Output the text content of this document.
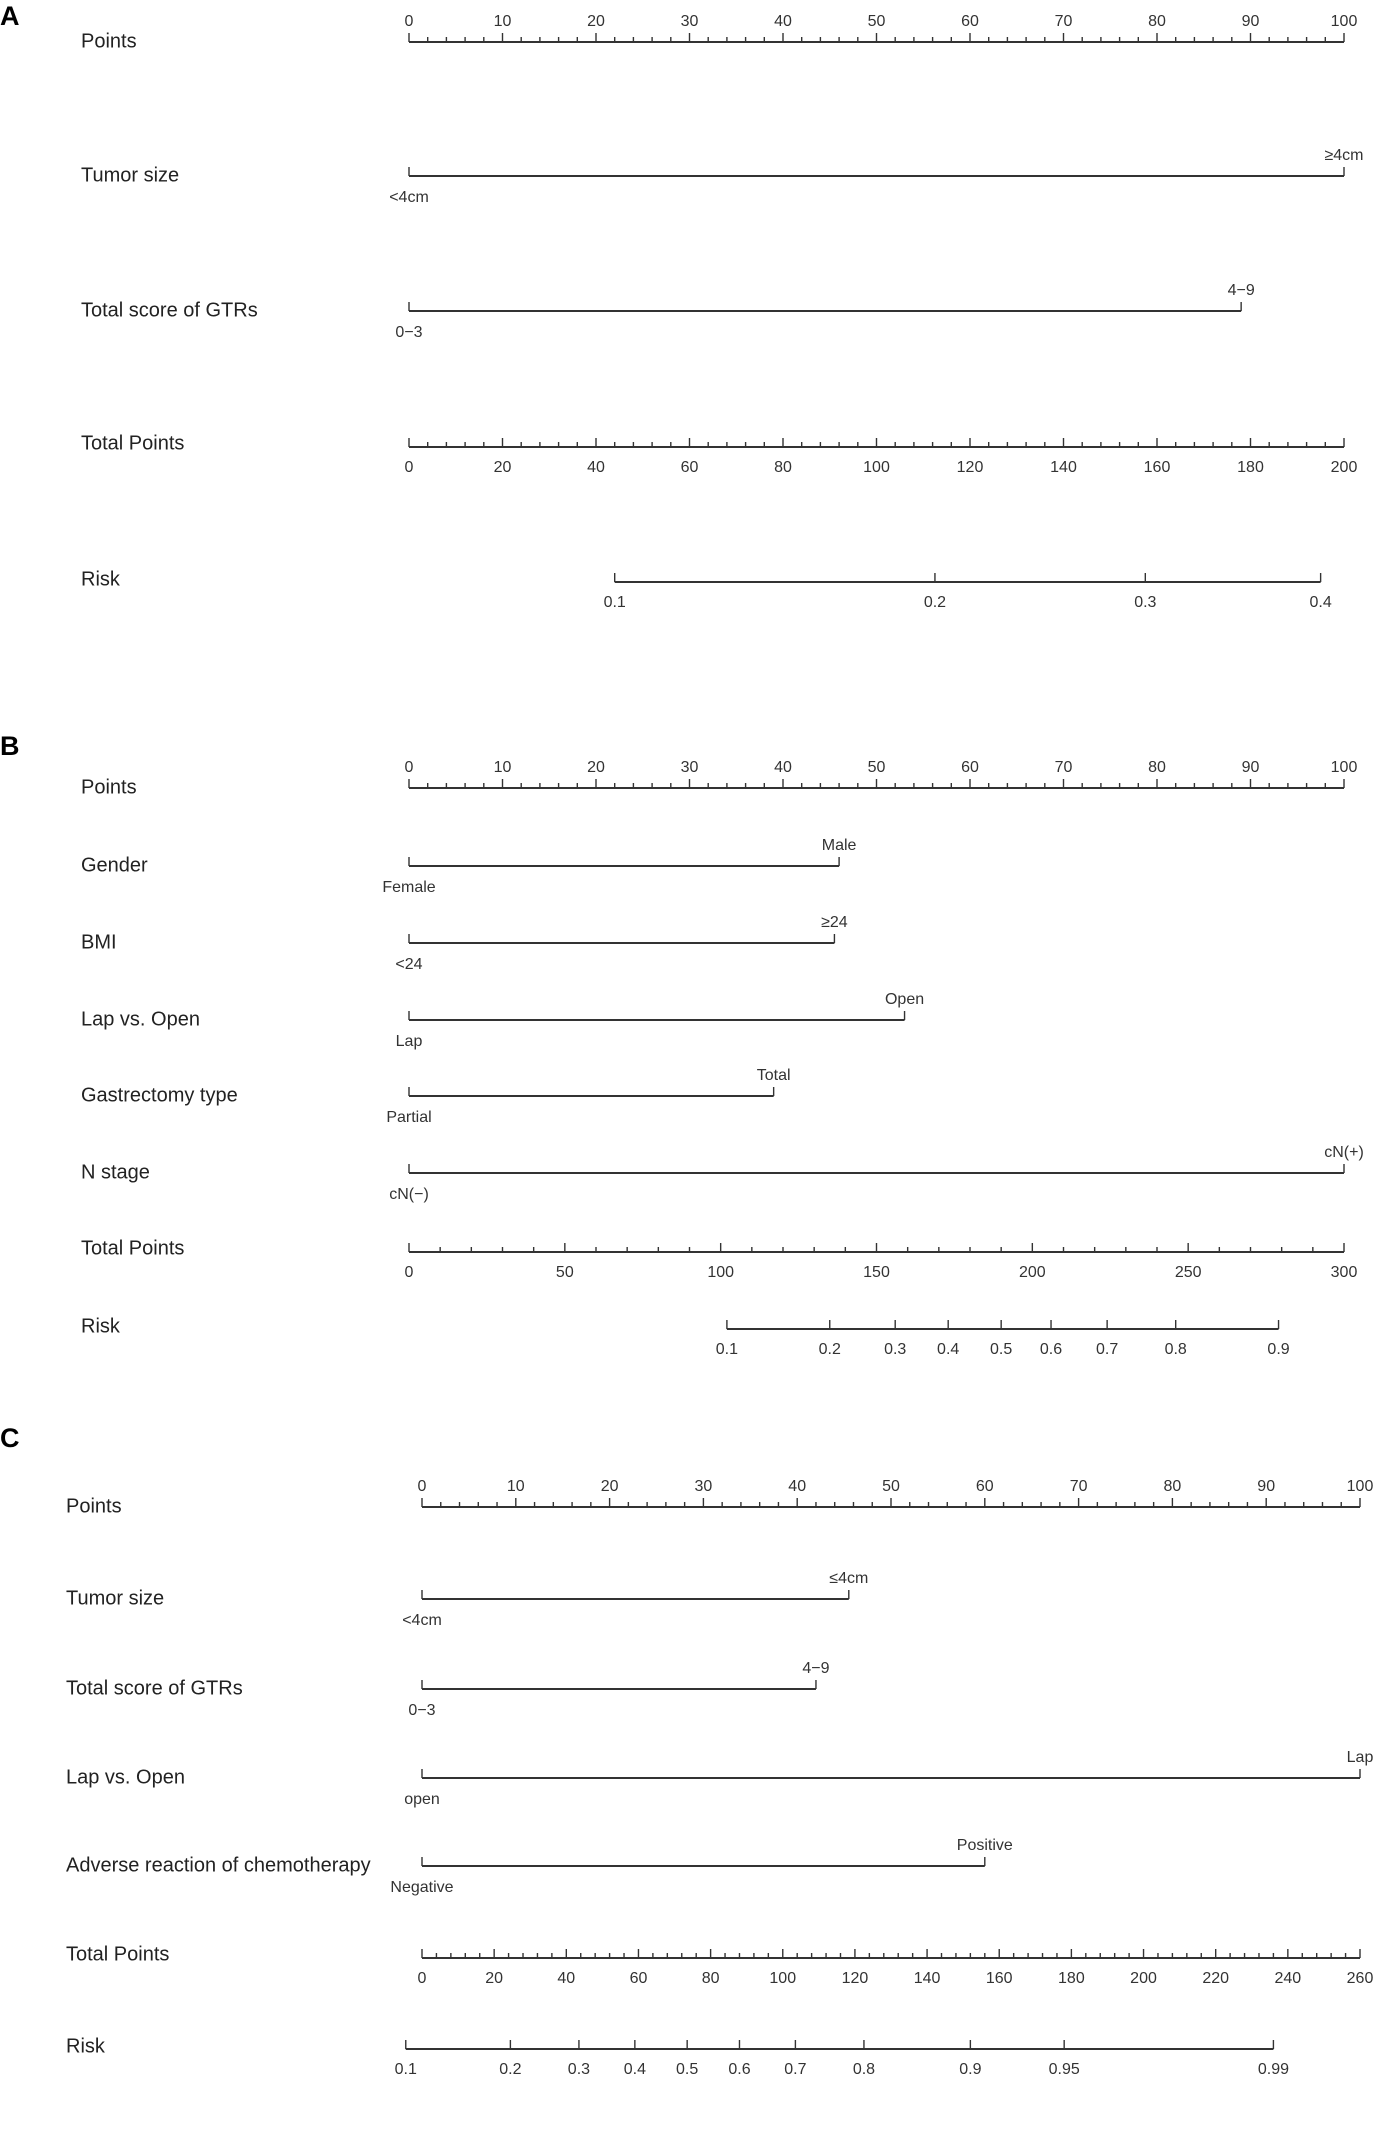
A
Points
0	10	20	30	40	50	60	70	80	90	100
Tumor size
<4cm
≥4cm
Total score of GTRs
0−3
4−9
Total Points
0	20	40	60	80	100	120	140	160	180	200
Risk
0.1	0.2	0.3	0.4
B
Points
0	10	20	30	40	50	60	70	80	90	100
Gender
Female
Male
BMI
<24
≥24
Lap vs. Open
Lap
Open
Gastrectomy type
Partial
Total
N stage
cN(−)
cN(+)
Total Points
0	50	100	150	200	250	300
Risk
0.1	0.2	0.3 0.4 0.5 0.6 0.7	0.8	0.9
C
Points
0	10	20	30	40	50	60	70	80	90	100
Tumor size
<4cm
≤4cm
Total score of GTRs
0−3
4−9
Lap vs. Open
open
Lap
Adverse reaction of chemotherapy
Negative
Positive
Total Points
0	20	40	60	80	100	120	140	160	180	200	220	240	260
Risk
0.1	0.2	0.3 0.4 0.5 0.6 0.7	0.8	0.9	0.95	0.99
